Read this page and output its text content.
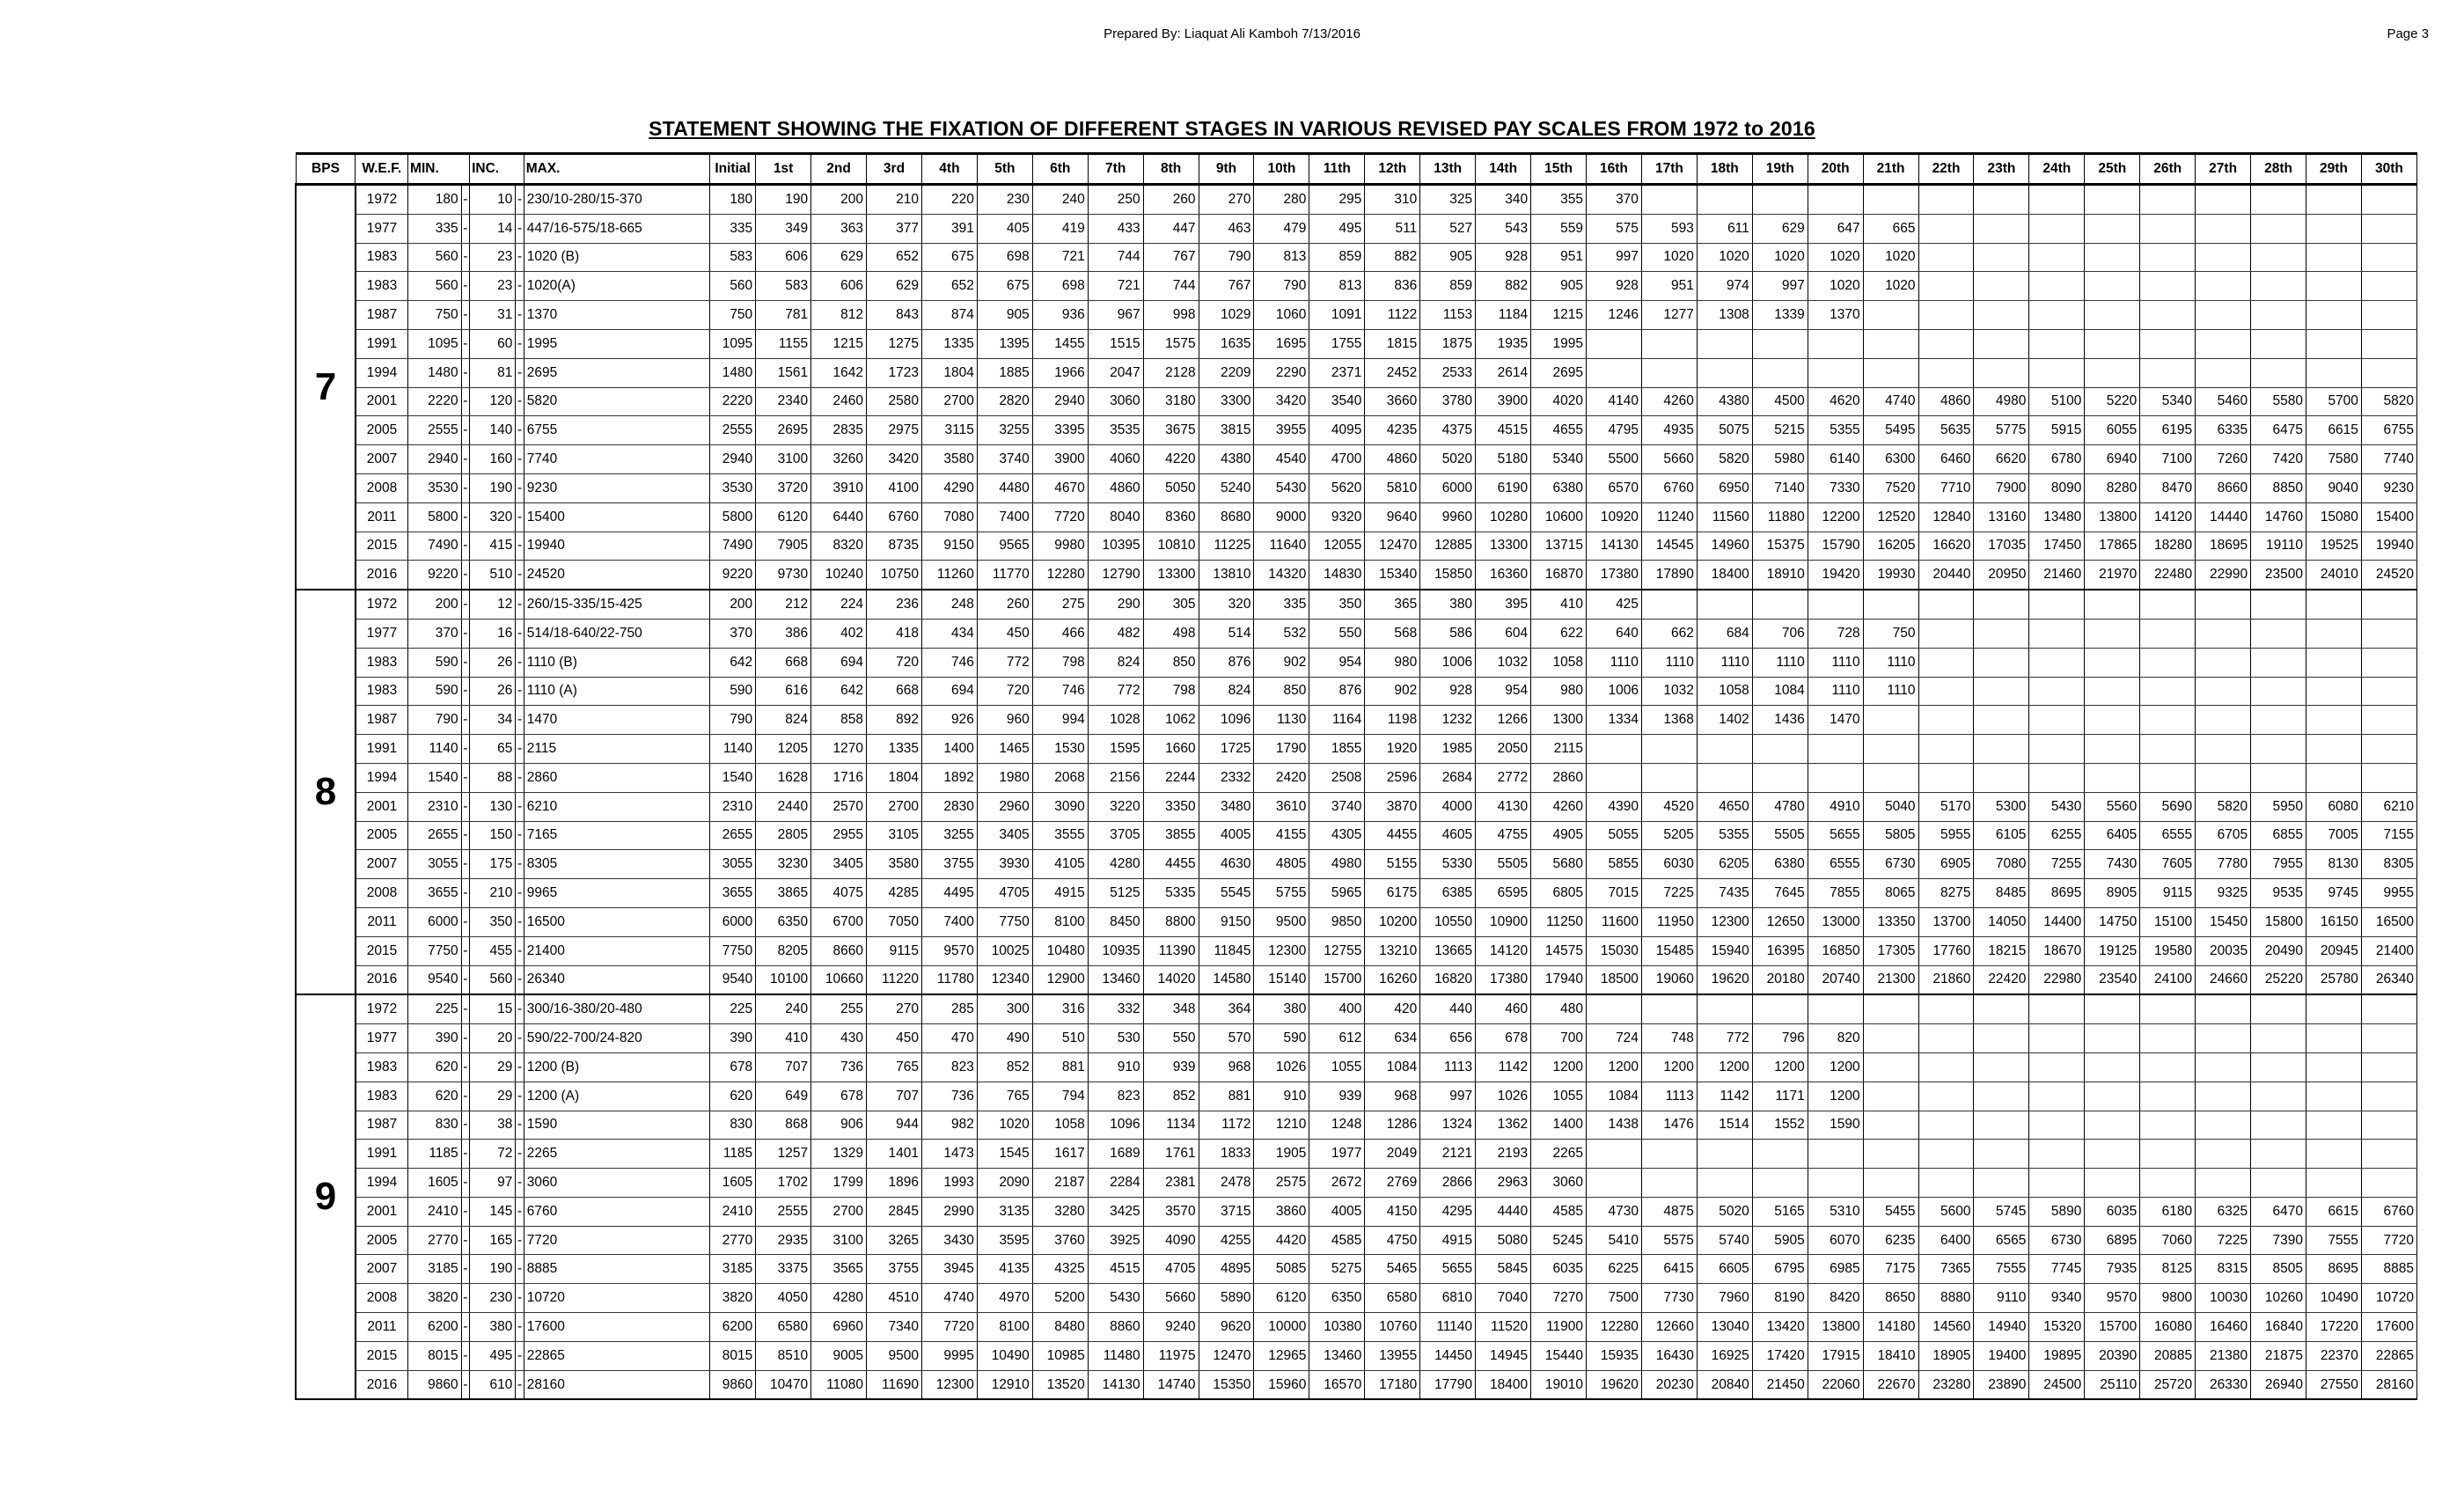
Prepared By: Liaquat Ali Kamboh 7/13/2016	Page 3
STATEMENT SHOWING THE FIXATION OF DIFFERENT STAGES IN VARIOUS REVISED PAY SCALES FROM 1972 to 2016
BPS	W.E.F.	MIN.		INC.		MAX.	Initial	1st	2nd	3rd	4th	5th	6th	7th	8th	9th	10th	11th	12th	13th	14th	15th	16th	17th	18th	19th	20th	21th	22th	23th	24th	25th	26th	27th	28th	29th	30th
7	1972	180	-	10	-	230/10-280/15-370	180	190	200	210	220	230	240	250	260	270	280	295	310	325	340	355	370														
	1977	335	-	14	-	447/16-575/18-665	335	349	363	377	391	405	419	433	447	463	479	495	511	527	543	559	575	593	611	629	647	665									
	1983	560	-	23	-	1020 (B)	583	606	629	652	675	698	721	744	767	790	813	859	882	905	928	951	997	1020	1020	1020	1020	1020									
	1983	560	-	23	-	1020(A)	560	583	606	629	652	675	698	721	744	767	790	813	836	859	882	905	928	951	974	997	1020	1020									
	1987	750	-	31	-	1370	750	781	812	843	874	905	936	967	998	1029	1060	1091	1122	1153	1184	1215	1246	1277	1308	1339	1370										
	1991	1095	-	60	-	1995	1095	1155	1215	1275	1335	1395	1455	1515	1575	1635	1695	1755	1815	1875	1935	1995															
	1994	1480	-	81	-	2695	1480	1561	1642	1723	1804	1885	1966	2047	2128	2209	2290	2371	2452	2533	2614	2695															
	2001	2220	-	120	-	5820	2220	2340	2460	2580	2700	2820	2940	3060	3180	3300	3420	3540	3660	3780	3900	4020	4140	4260	4380	4500	4620	4740	4860	4980	5100	5220	5340	5460	5580	5700	5820
	2005	2555	-	140	-	6755	2555	2695	2835	2975	3115	3255	3395	3535	3675	3815	3955	4095	4235	4375	4515	4655	4795	4935	5075	5215	5355	5495	5635	5775	5915	6055	6195	6335	6475	6615	6755
	2007	2940	-	160	-	7740	2940	3100	3260	3420	3580	3740	3900	4060	4220	4380	4540	4700	4860	5020	5180	5340	5500	5660	5820	5980	6140	6300	6460	6620	6780	6940	7100	7260	7420	7580	7740
	2008	3530	-	190	-	9230	3530	3720	3910	4100	4290	4480	4670	4860	5050	5240	5430	5620	5810	6000	6190	6380	6570	6760	6950	7140	7330	7520	7710	7900	8090	8280	8470	8660	8850	9040	9230
	2011	5800	-	320	-	15400	5800	6120	6440	6760	7080	7400	7720	8040	8360	8680	9000	9320	9640	9960	10280	10600	10920	11240	11560	11880	12200	12520	12840	13160	13480	13800	14120	14440	14760	15080	15400
	2015	7490	-	415	-	19940	7490	7905	8320	8735	9150	9565	9980	10395	10810	11225	11640	12055	12470	12885	13300	13715	14130	14545	14960	15375	15790	16205	16620	17035	17450	17865	18280	18695	19110	19525	19940
	2016	9220	-	510	-	24520	9220	9730	10240	10750	11260	11770	12280	12790	13300	13810	14320	14830	15340	15850	16360	16870	17380	17890	18400	18910	19420	19930	20440	20950	21460	21970	22480	22990	23500	24010	24520
8	1972	200	-	12	-	260/15-335/15-425	200	212	224	236	248	260	275	290	305	320	335	350	365	380	395	410	425														
	1977	370	-	16	-	514/18-640/22-750	370	386	402	418	434	450	466	482	498	514	532	550	568	586	604	622	640	662	684	706	728	750									
	1983	590	-	26	-	1110 (B)	642	668	694	720	746	772	798	824	850	876	902	954	980	1006	1032	1058	1110	1110	1110	1110	1110	1110									
	1983	590	-	26	-	1110 (A)	590	616	642	668	694	720	746	772	798	824	850	876	902	928	954	980	1006	1032	1058	1084	1110	1110									
	1987	790	-	34	-	1470	790	824	858	892	926	960	994	1028	1062	1096	1130	1164	1198	1232	1266	1300	1334	1368	1402	1436	1470										
	1991	1140	-	65	-	2115	1140	1205	1270	1335	1400	1465	1530	1595	1660	1725	1790	1855	1920	1985	2050	2115															
	1994	1540	-	88	-	2860	1540	1628	1716	1804	1892	1980	2068	2156	2244	2332	2420	2508	2596	2684	2772	2860															
	2001	2310	-	130	-	6210	2310	2440	2570	2700	2830	2960	3090	3220	3350	3480	3610	3740	3870	4000	4130	4260	4390	4520	4650	4780	4910	5040	5170	5300	5430	5560	5690	5820	5950	6080	6210
	2005	2655	-	150	-	7165	2655	2805	2955	3105	3255	3405	3555	3705	3855	4005	4155	4305	4455	4605	4755	4905	5055	5205	5355	5505	5655	5805	5955	6105	6255	6405	6555	6705	6855	7005	7155
	2007	3055	-	175	-	8305	3055	3230	3405	3580	3755	3930	4105	4280	4455	4630	4805	4980	5155	5330	5505	5680	5855	6030	6205	6380	6555	6730	6905	7080	7255	7430	7605	7780	7955	8130	8305
	2008	3655	-	210	-	9965	3655	3865	4075	4285	4495	4705	4915	5125	5335	5545	5755	5965	6175	6385	6595	6805	7015	7225	7435	7645	7855	8065	8275	8485	8695	8905	9115	9325	9535	9745	9955
	2011	6000	-	350	-	16500	6000	6350	6700	7050	7400	7750	8100	8450	8800	9150	9500	9850	10200	10550	10900	11250	11600	11950	12300	12650	13000	13350	13700	14050	14400	14750	15100	15450	15800	16150	16500
	2015	7750	-	455	-	21400	7750	8205	8660	9115	9570	10025	10480	10935	11390	11845	12300	12755	13210	13665	14120	14575	15030	15485	15940	16395	16850	17305	17760	18215	18670	19125	19580	20035	20490	20945	21400
	2016	9540	-	560	-	26340	9540	10100	10660	11220	11780	12340	12900	13460	14020	14580	15140	15700	16260	16820	17380	17940	18500	19060	19620	20180	20740	21300	21860	22420	22980	23540	24100	24660	25220	25780	26340
9	1972	225	-	15	-	300/16-380/20-480	225	240	255	270	285	300	316	332	348	364	380	400	420	440	460	480															
	1977	390	-	20	-	590/22-700/24-820	390	410	430	450	470	490	510	530	550	570	590	612	634	656	678	700	724	748	772	796	820										
	1983	620	-	29	-	1200 (B)	678	707	736	765	823	852	881	910	939	968	1026	1055	1084	1113	1142	1200	1200	1200	1200	1200	1200										
	1983	620	-	29	-	1200 (A)	620	649	678	707	736	765	794	823	852	881	910	939	968	997	1026	1055	1084	1113	1142	1171	1200										
	1987	830	-	38	-	1590	830	868	906	944	982	1020	1058	1096	1134	1172	1210	1248	1286	1324	1362	1400	1438	1476	1514	1552	1590										
	1991	1185	-	72	-	2265	1185	1257	1329	1401	1473	1545	1617	1689	1761	1833	1905	1977	2049	2121	2193	2265															
	1994	1605	-	97	-	3060	1605	1702	1799	1896	1993	2090	2187	2284	2381	2478	2575	2672	2769	2866	2963	3060															
	2001	2410	-	145	-	6760	2410	2555	2700	2845	2990	3135	3280	3425	3570	3715	3860	4005	4150	4295	4440	4585	4730	4875	5020	5165	5310	5455	5600	5745	5890	6035	6180	6325	6470	6615	6760
	2005	2770	-	165	-	7720	2770	2935	3100	3265	3430	3595	3760	3925	4090	4255	4420	4585	4750	4915	5080	5245	5410	5575	5740	5905	6070	6235	6400	6565	6730	6895	7060	7225	7390	7555	7720
	2007	3185	-	190	-	8885	3185	3375	3565	3755	3945	4135	4325	4515	4705	4895	5085	5275	5465	5655	5845	6035	6225	6415	6605	6795	6985	7175	7365	7555	7745	7935	8125	8315	8505	8695	8885
	2008	3820	-	230	-	10720	3820	4050	4280	4510	4740	4970	5200	5430	5660	5890	6120	6350	6580	6810	7040	7270	7500	7730	7960	8190	8420	8650	8880	9110	9340	9570	9800	10030	10260	10490	10720
	2011	6200	-	380	-	17600	6200	6580	6960	7340	7720	8100	8480	8860	9240	9620	10000	10380	10760	11140	11520	11900	12280	12660	13040	13420	13800	14180	14560	14940	15320	15700	16080	16460	16840	17220	17600
	2015	8015	-	495	-	22865	8015	8510	9005	9500	9995	10490	10985	11480	11975	12470	12965	13460	13955	14450	14945	15440	15935	16430	16925	17420	17915	18410	18905	19400	19895	20390	20885	21380	21875	22370	22865
	2016	9860	-	610	-	28160	9860	10470	11080	11690	12300	12910	13520	14130	14740	15350	15960	16570	17180	17790	18400	19010	19620	20230	20840	21450	22060	22670	23280	23890	24500	25110	25720	26330	26940	27550	28160
